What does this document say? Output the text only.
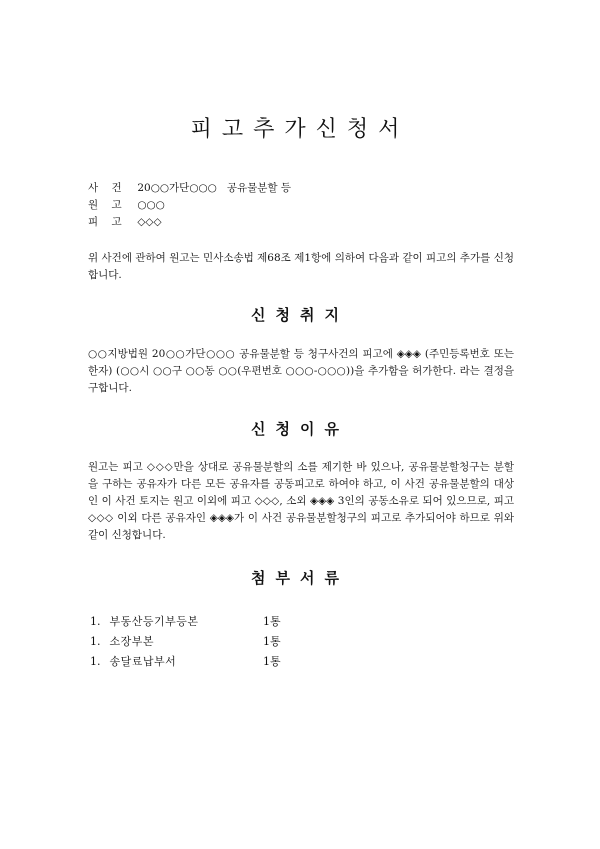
피고추가신청서
사    건 20○○가단○○○   공유물분할 등
원    고 ○○○
피    고 ◇◇◇

위 사건에 관하여 원고는 민사소송법 제68조 제1항에 의하여 다음과 같이 피고의 추가를 신청합니다.

신청취지

○○지방법원 20○○가단○○○ 공유물분할 등 청구사건의 피고에 ◈◈◈ (주민등록번호 또는 한자) (○○시 ○○구 ○○동 ○○(우편번호 ○○○-○○○))을 추가함을 허가한다. 라는 결정을 구합니다.

신청이유

원고는 피고 ◇◇◇만을 상대로 공유물분할의 소를 제기한 바 있으나, 공유물분할청구는 분할을 구하는 공유자가 다른 모든 공유자를 공동피고로 하여야 하고, 이 사건 공유물분할의 대상인 이 사건 토지는 원고 이외에 피고 ◇◇◇, 소외 ◈◈◈ 3인의 공동소유로 되어 있으므로, 피고 ◇◇◇ 이외 다른 공유자인 ◈◈◈가 이 사건 공유물분할청구의 피고로 추가되어야 하므로 위와 같이 신청합니다.

첨부서류
1. 부동산등기부등본	1통
1. 소장부본	1통
1. 송달료납부서	1통
